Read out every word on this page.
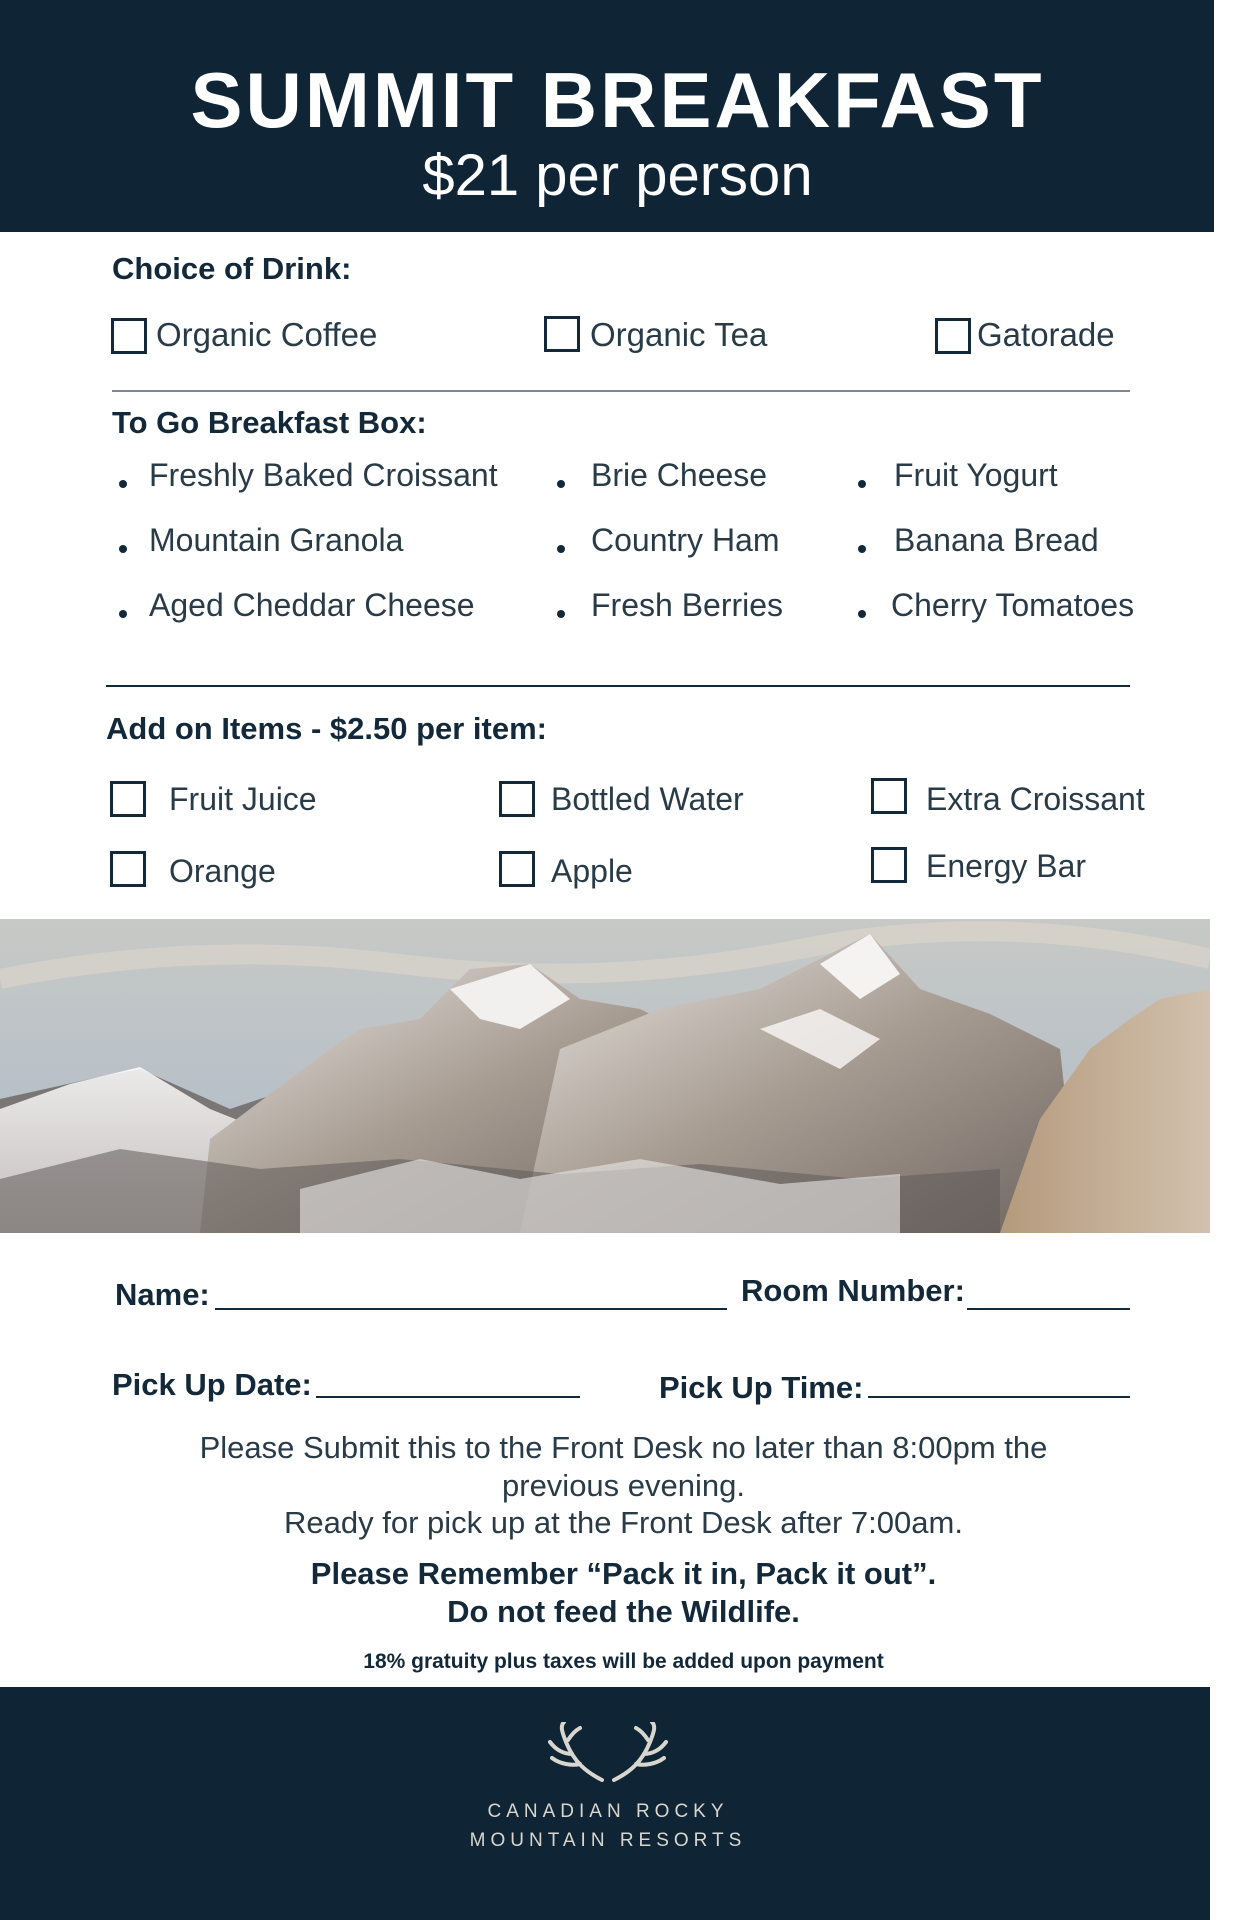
SUMMIT BREAKFAST
$21 per person
Choice of Drink:
Organic Coffee	Organic Tea	Gatorade
To Go Breakfast Box:
Freshly Baked Croissant	Brie Cheese	Fruit Yogurt
Mountain Granola	Country Ham	Banana Bread
Aged Cheddar Cheese	Fresh Berries	Cherry Tomatoes
Add on Items - $2.50 per item:
Fruit Juice	Bottled Water	Extra Croissant
Orange	Apple	Energy Bar
Name:	Room Number:
Pick Up Date:	Pick Up Time:
Please Submit this to the Front Desk no later than 8:00pm the previous evening.
Ready for pick up at the Front Desk after 7:00am.
Please Remember “Pack it in, Pack it out”.
Do not feed the Wildlife.
18% gratuity plus taxes will be added upon payment
CANADIAN ROCKY
MOUNTAIN RESORTS
